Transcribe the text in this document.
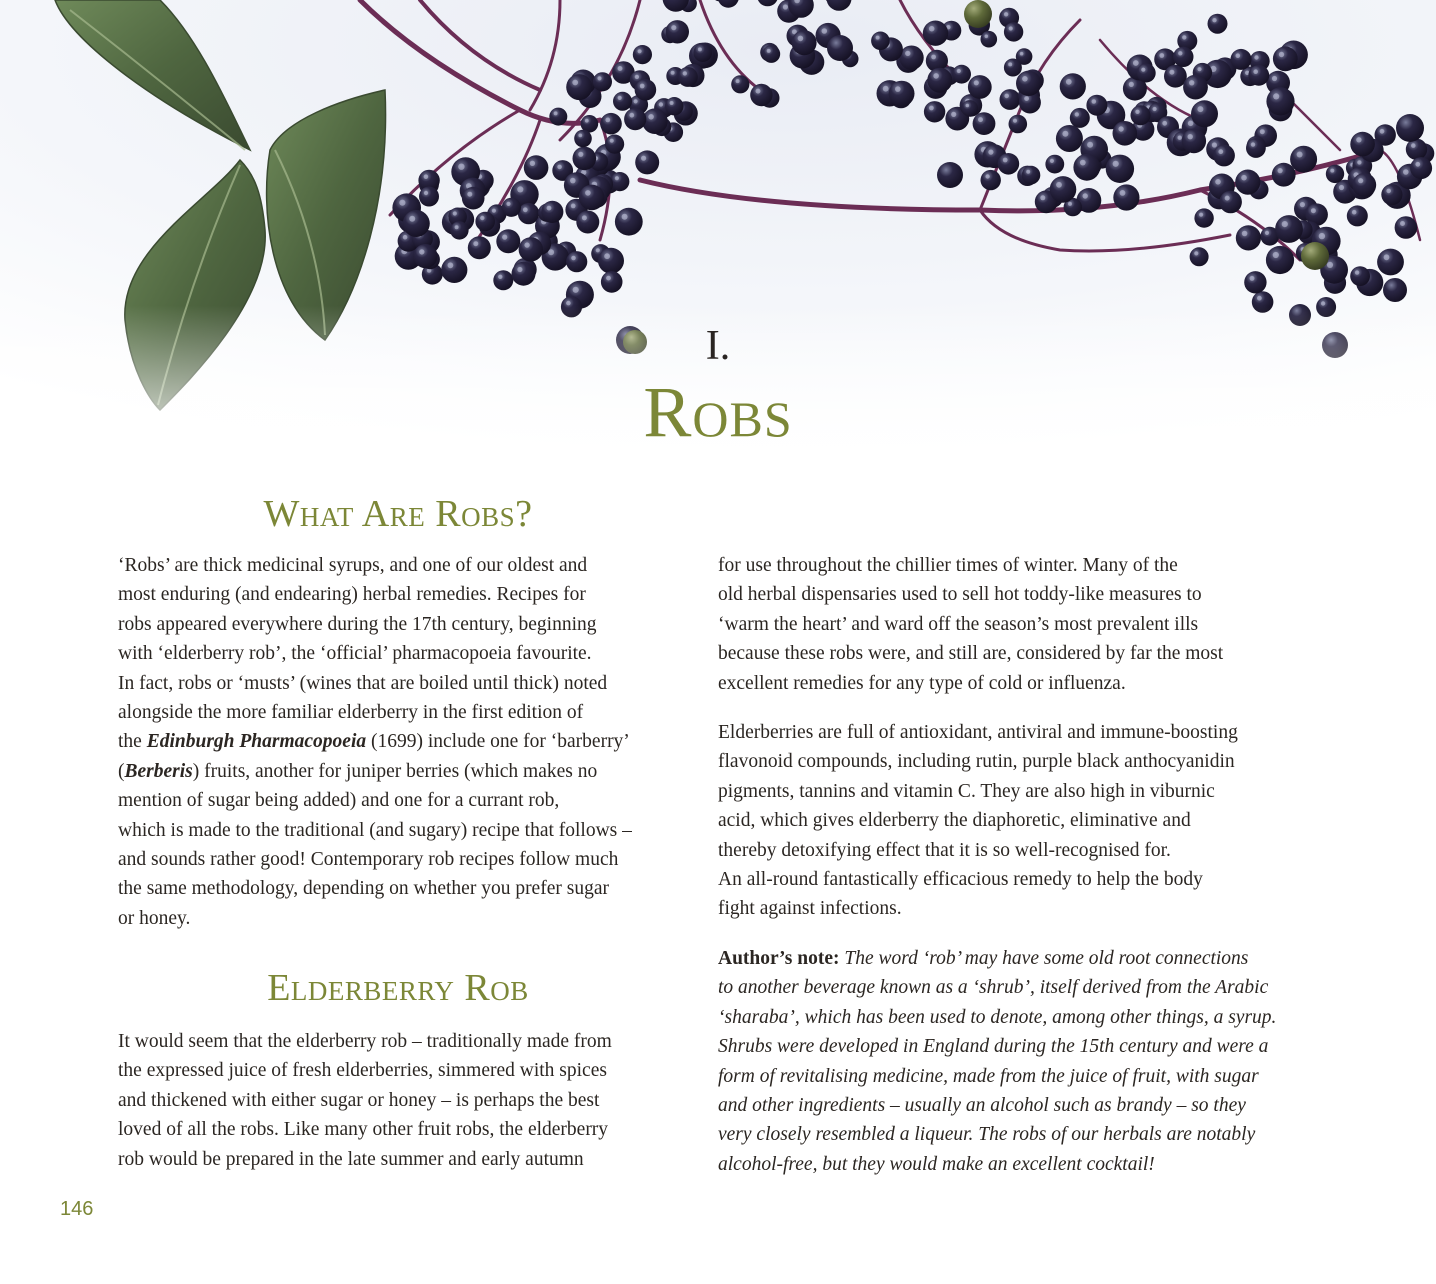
I.
Robs
What Are Robs?
Elderberry Rob
‘Robs’ are thick medicinal syrups, and one of our oldest and
most enduring (and endearing) herbal remedies. Recipes for
robs appeared everywhere during the 17th century, beginning
with ‘elderberry rob’, the ‘official’ pharmacopoeia favourite.
In fact, robs or ‘musts’ (wines that are boiled until thick) noted
alongside the more familiar elderberry in the first edition of
the Edinburgh Pharmacopoeia (1699) include one for ‘barberry’
(Berberis) fruits, another for juniper berries (which makes no
mention of sugar being added) and one for a currant rob,
which is made to the traditional (and sugary) recipe that follows –
and sounds rather good! Contemporary rob recipes follow much
the same methodology, depending on whether you prefer sugar
or honey.
It would seem that the elderberry rob – traditionally made from
the expressed juice of fresh elderberries, simmered with spices
and thickened with either sugar or honey – is perhaps the best
loved of all the robs. Like many other fruit robs, the elderberry
rob would be prepared in the late summer and early autumn
for use throughout the chillier times of winter. Many of the
old herbal dispensaries used to sell hot toddy-like measures to
‘warm the heart’ and ward off the season’s most prevalent ills
because these robs were, and still are, considered by far the most
excellent remedies for any type of cold or influenza.
Elderberries are full of antioxidant, antiviral and immune-boosting
flavonoid compounds, including rutin, purple black anthocyanidin
pigments, tannins and vitamin C. They are also high in viburnic
acid, which gives elderberry the diaphoretic, eliminative and
thereby detoxifying effect that it is so well-recognised for.
An all-round fantastically efficacious remedy to help the body
fight against infections.
Author’s note: The word ‘rob’ may have some old root connections
to another beverage known as a ‘shrub’, itself derived from the Arabic
‘sharaba’, which has been used to denote, among other things, a syrup.
Shrubs were developed in England during the 15th century and were a
form of revitalising medicine, made from the juice of fruit, with sugar
and other ingredients – usually an alcohol such as brandy – so they
very closely resembled a liqueur. The robs of our herbals are notably
alcohol-free, but they would make an excellent cocktail!
146
